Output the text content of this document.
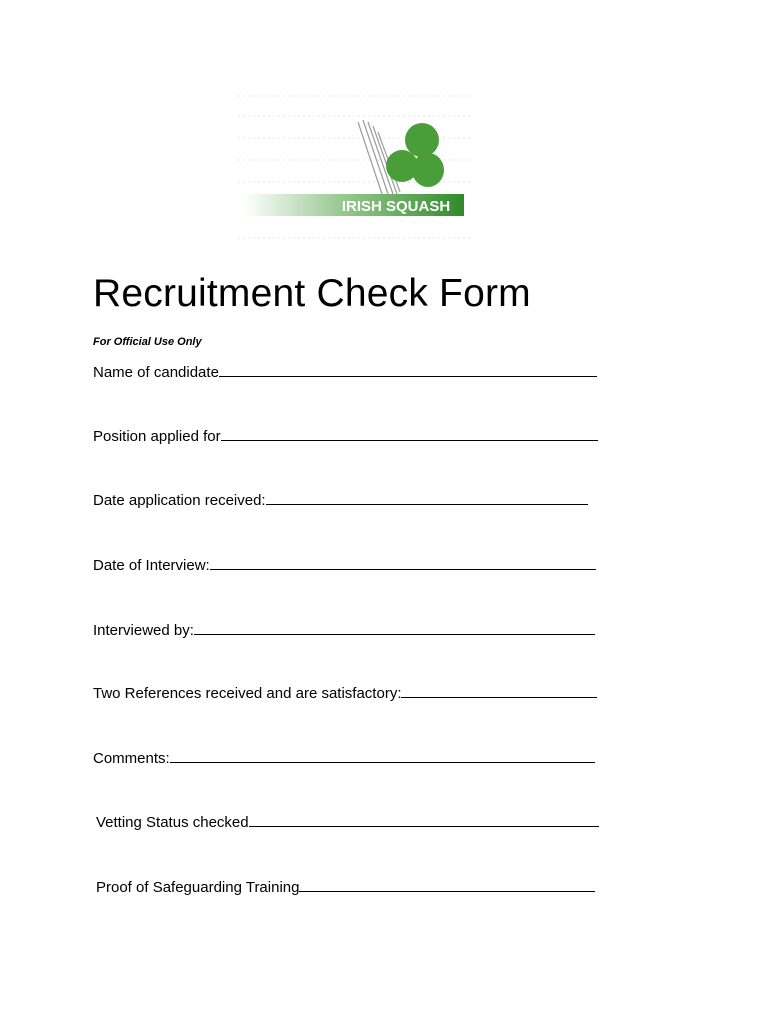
IRISH SQUASH
Recruitment Check Form
For Official Use Only
Name of candidate
Position applied for
Date application received:
Date of Interview:
Interviewed by:
Two References received and are satisfactory:
Comments:
Vetting Status checked
Proof of Safeguarding Training
